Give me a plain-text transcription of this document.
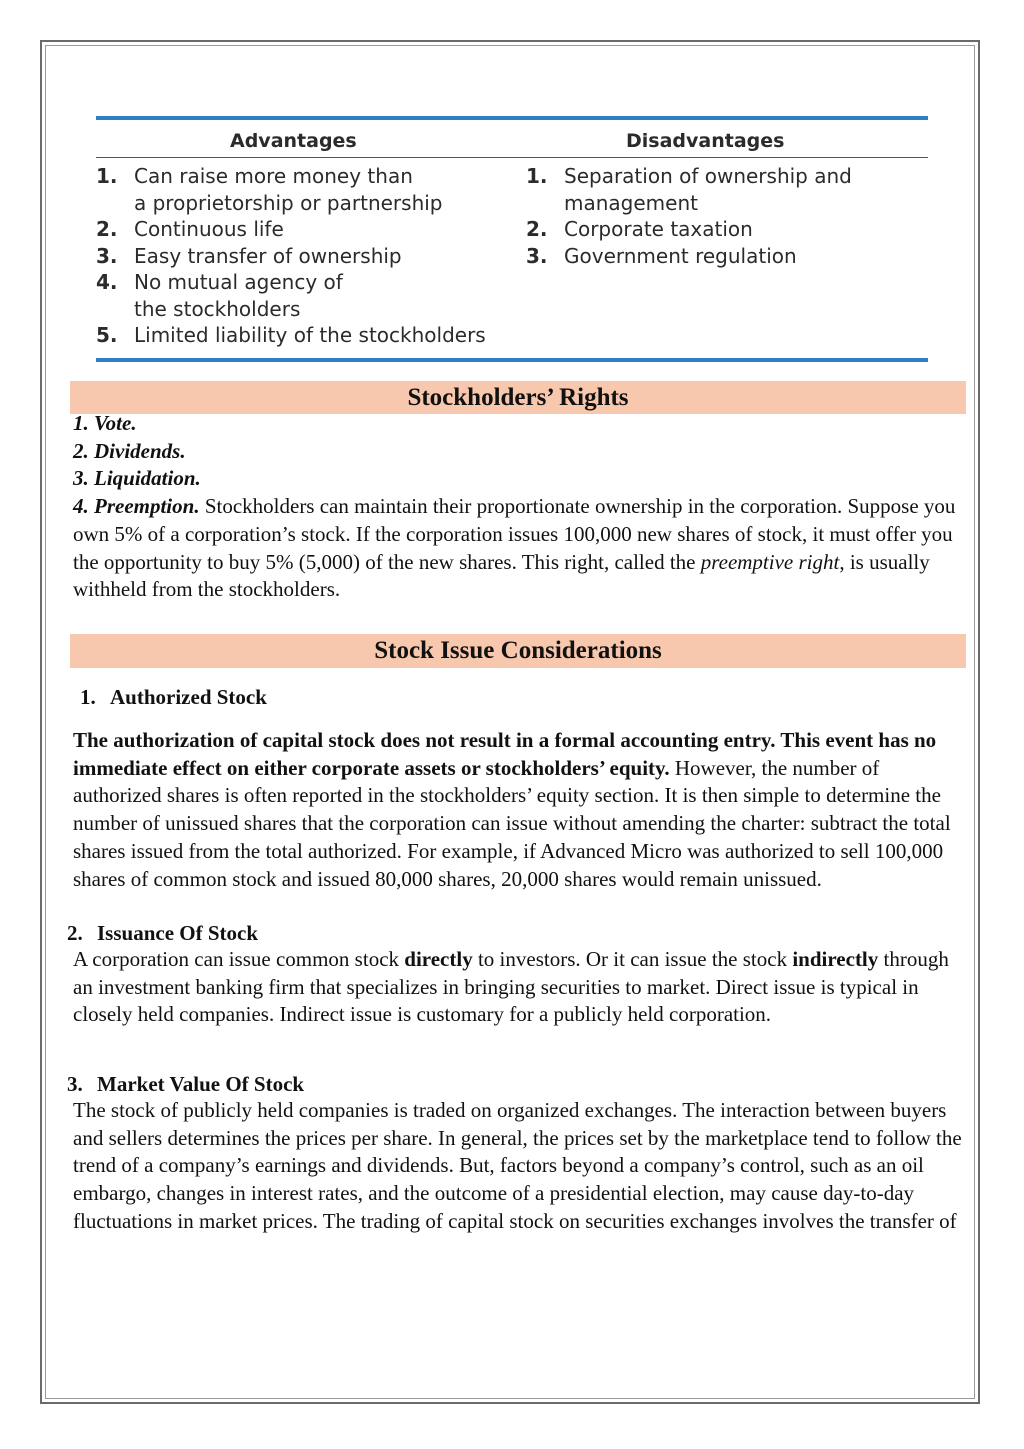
Advantages	Disadvantages
1. Can raise more money than
a proprietorship or partnership
2. Continuous life
3. Easy transfer of ownership
4. No mutual agency of
the stockholders
5. Limited liability of the stockholders
1. Separation of ownership and
management
2. Corporate taxation
3. Government regulation
Stockholders’ Rights
1. Vote.
2. Dividends.
3. Liquidation.
4. Preemption. Stockholders can maintain their proportionate ownership in the corporation. Suppose you own 5% of a corporation’s stock. If the corporation issues 100,000 new shares of stock, it must offer you the opportunity to buy 5% (5,000) of the new shares. This right, called the preemptive right, is usually withheld from the stockholders.
Stock Issue Considerations
1. Authorized Stock
The authorization of capital stock does not result in a formal accounting entry. This event has no immediate effect on either corporate assets or stockholders’ equity. However, the number of authorized shares is often reported in the stockholders’ equity section. It is then simple to determine the number of unissued shares that the corporation can issue without amending the charter: subtract the total shares issued from the total authorized. For example, if Advanced Micro was authorized to sell 100,000 shares of common stock and issued 80,000 shares, 20,000 shares would remain unissued.
2. Issuance Of Stock
A corporation can issue common stock directly to investors. Or it can issue the stock indirectly through an investment banking firm that specializes in bringing securities to market. Direct issue is typical in closely held companies. Indirect issue is customary for a publicly held corporation.
3. Market Value Of Stock
The stock of publicly held companies is traded on organized exchanges. The interaction between buyers and sellers determines the prices per share. In general, the prices set by the marketplace tend to follow the trend of a company’s earnings and dividends. But, factors beyond a company’s control, such as an oil embargo, changes in interest rates, and the outcome of a presidential election, may cause day-to-day fluctuations in market prices. The trading of capital stock on securities exchanges involves the transfer of
